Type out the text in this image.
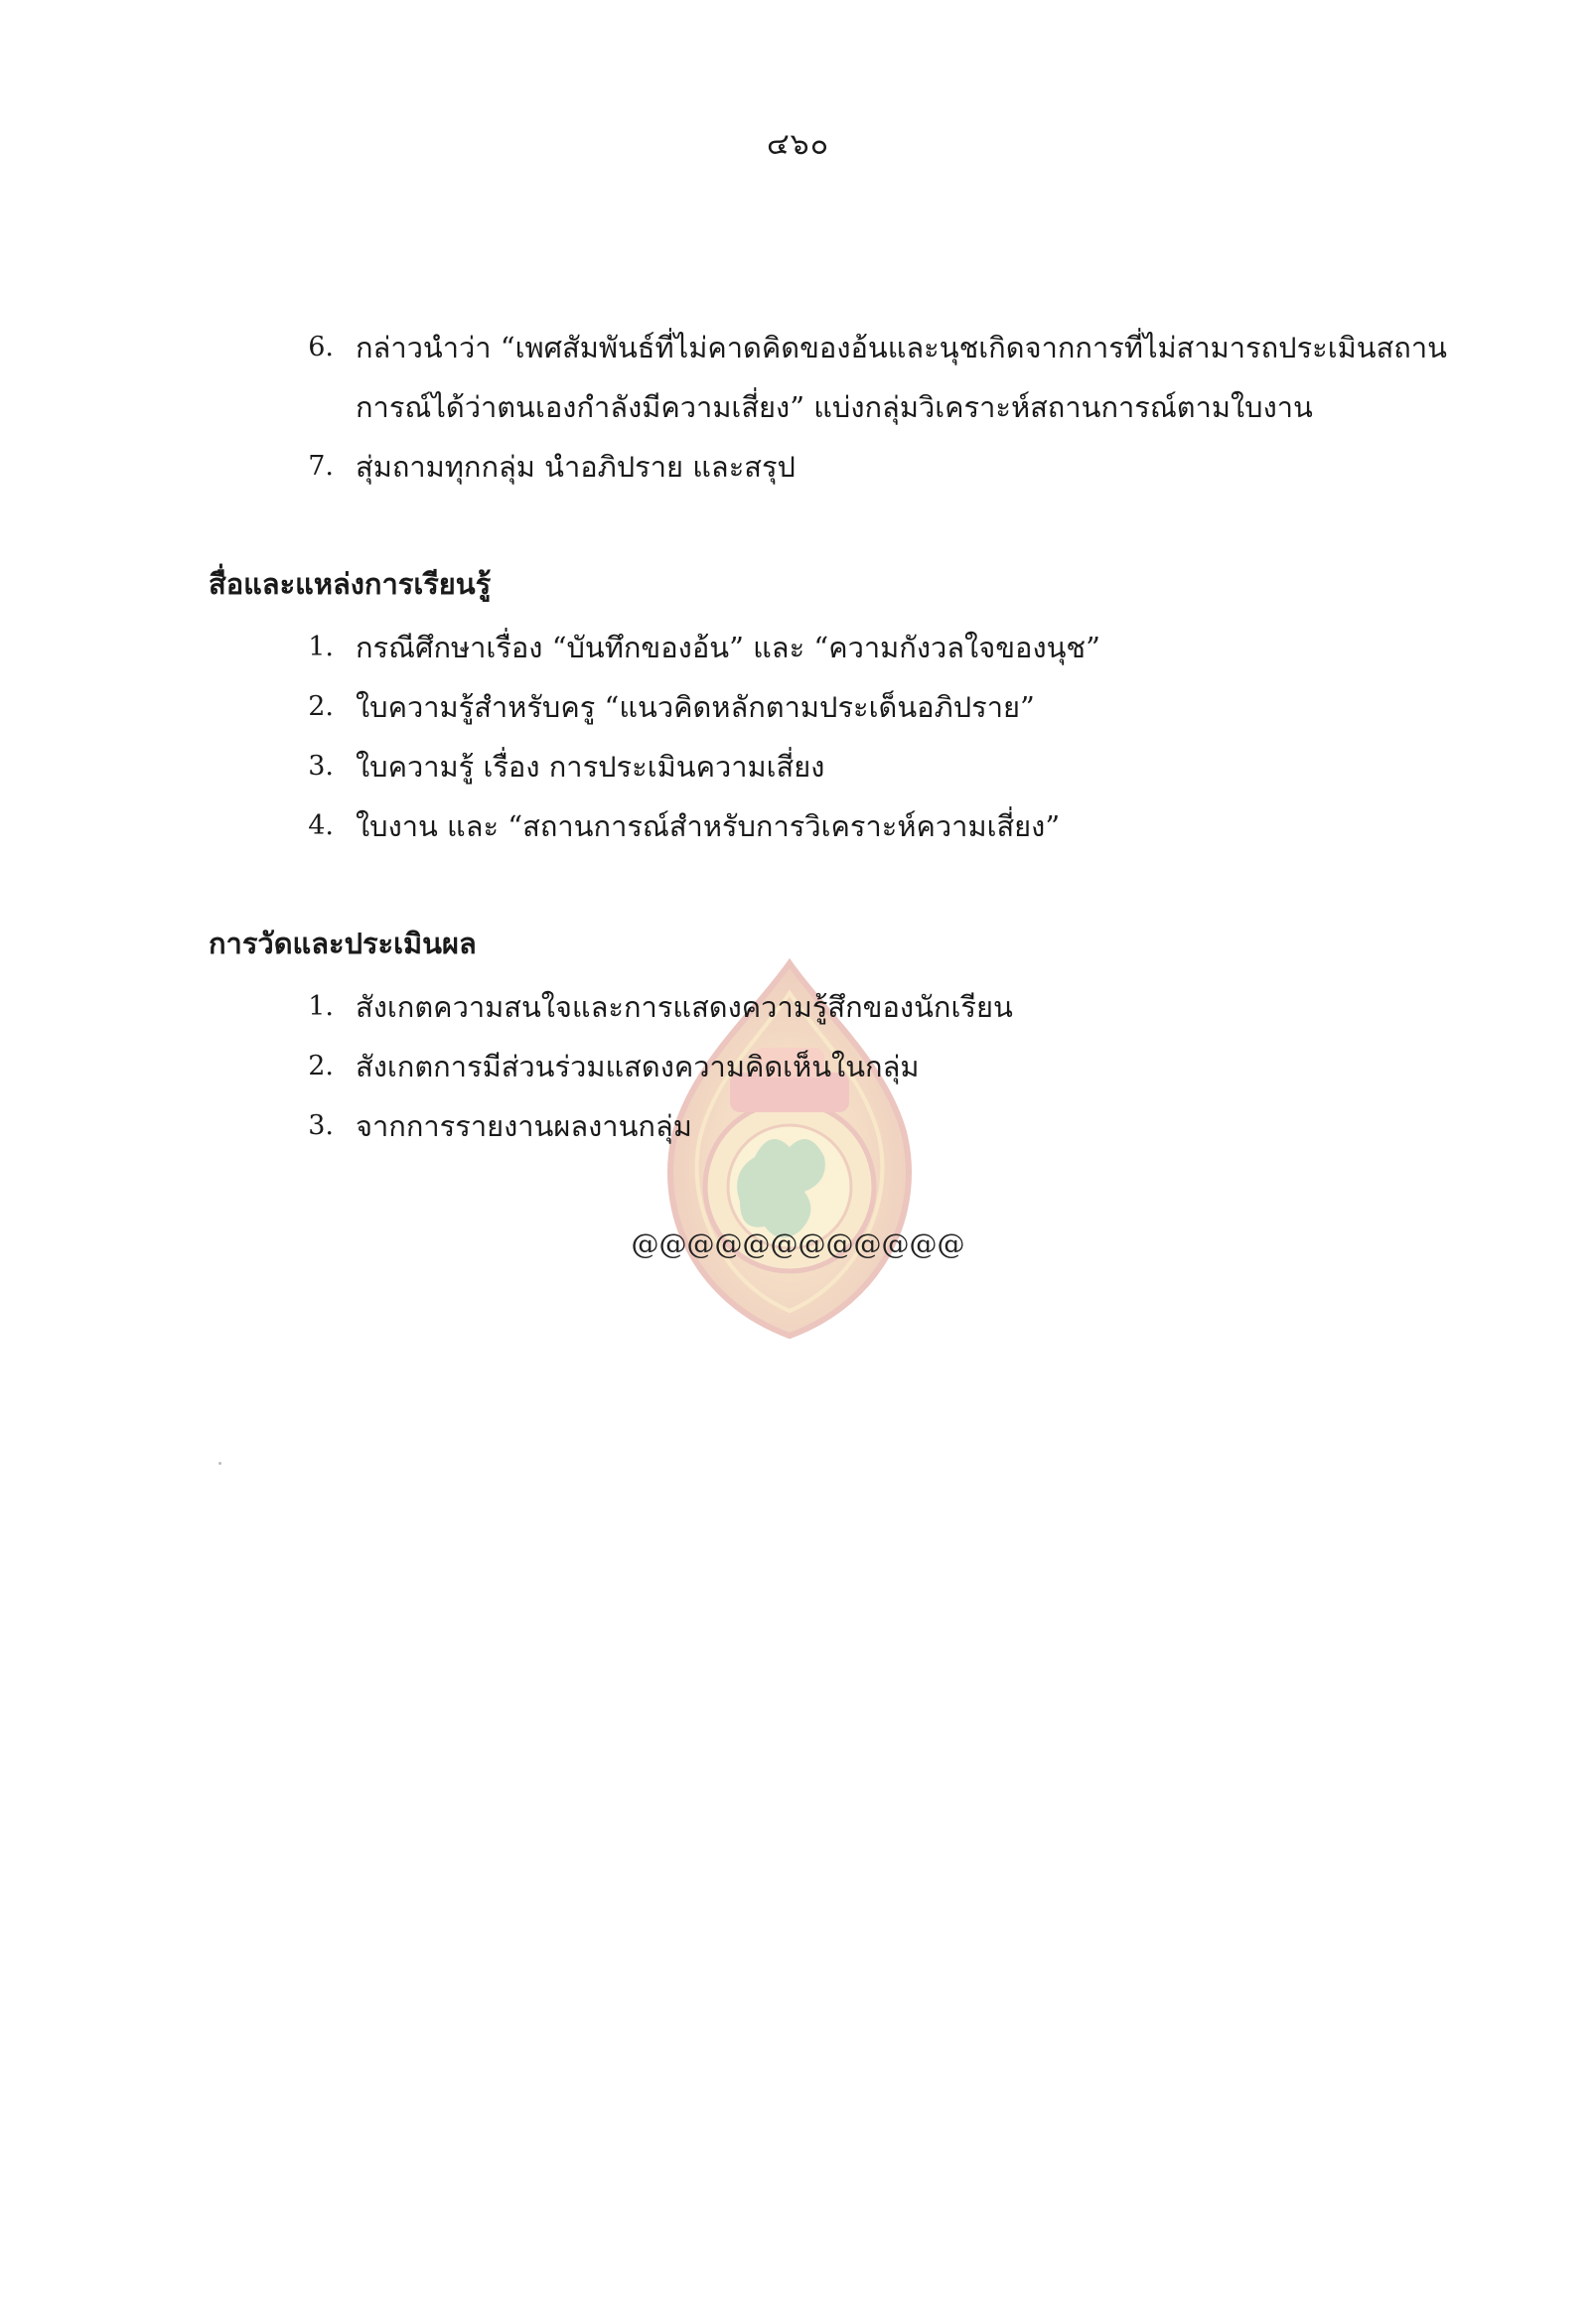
๔๖๐
6. กล่าวนำว่า “เพศสัมพันธ์ที่ไม่คาดคิดของอ้นและนุชเกิดจากการที่ไม่สามารถประเมินสถาน
การณ์ได้ว่าตนเองกำลังมีความเสี่ยง” แบ่งกลุ่มวิเคราะห์สถานการณ์ตามใบงาน
7. สุ่มถามทุกกลุ่ม นำอภิปราย และสรุป
สื่อและแหล่งการเรียนรู้
1. กรณีศึกษาเรื่อง “บันทึกของอ้น” และ “ความกังวลใจของนุช”
2. ใบความรู้สำหรับครู “แนวคิดหลักตามประเด็นอภิปราย”
3. ใบความรู้ เรื่อง การประเมินความเสี่ยง
4. ใบงาน และ “สถานการณ์สำหรับการวิเคราะห์ความเสี่ยง”
การวัดและประเมินผล
1. สังเกตความสนใจและการแสดงความรู้สึกของนักเรียน
2. สังเกตการมีส่วนร่วมแสดงความคิดเห็นในกลุ่ม
3. จากการรายงานผลงานกลุ่ม
@@@@@@@@@@@@
